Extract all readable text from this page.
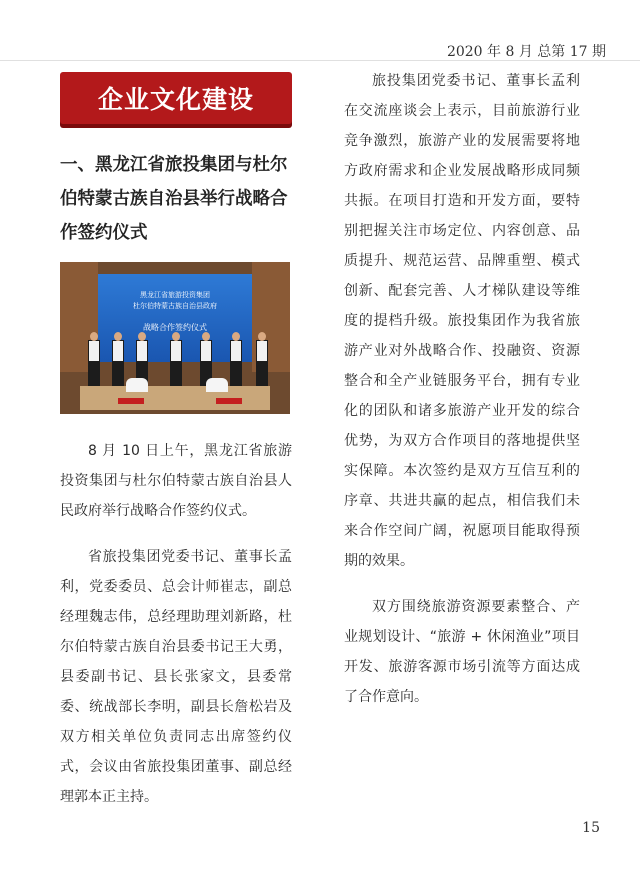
2020 年 8 月 总第 17 期
企业文化建设
一、黑龙江省旅投集团与杜尔伯特蒙古族自治县举行战略合作签约仪式
黑龙江省旅游投资集团
杜尔伯特蒙古族自治县政府
战略合作签约仪式

8 月 10 日上午，黑龙江省旅游投资集团与杜尔伯特蒙古族自治县人民政府举行战略合作签约仪式。

省旅投集团党委书记、董事长孟利，党委委员、总会计师崔志，副总经理魏志伟，总经理助理刘新路，杜尔伯特蒙古族自治县委书记王大勇，县委副书记、县长张家文，县委常委、统战部长李明，副县长詹松岩及双方相关单位负责同志出席签约仪式，会议由省旅投集团董事、副总经理郭本正主持。

旅投集团党委书记、董事长孟利在交流座谈会上表示，目前旅游行业竞争激烈，旅游产业的发展需要将地方政府需求和企业发展战略形成同频共振。在项目打造和开发方面，要特别把握关注市场定位、内容创意、品质提升、规范运营、品牌重塑、模式创新、配套完善、人才梯队建设等维度的提档升级。旅投集团作为我省旅游产业对外战略合作、投融资、资源整合和全产业链服务平台，拥有专业化的团队和诸多旅游产业开发的综合优势，为双方合作项目的落地提供坚实保障。本次签约是双方互信互利的序章、共进共赢的起点，相信我们未来合作空间广阔，祝愿项目能取得预期的效果。

双方围绕旅游资源要素整合、产业规划设计、“旅游 + 休闲渔业”项目开发、旅游客源市场引流等方面达成了合作意向。

15
